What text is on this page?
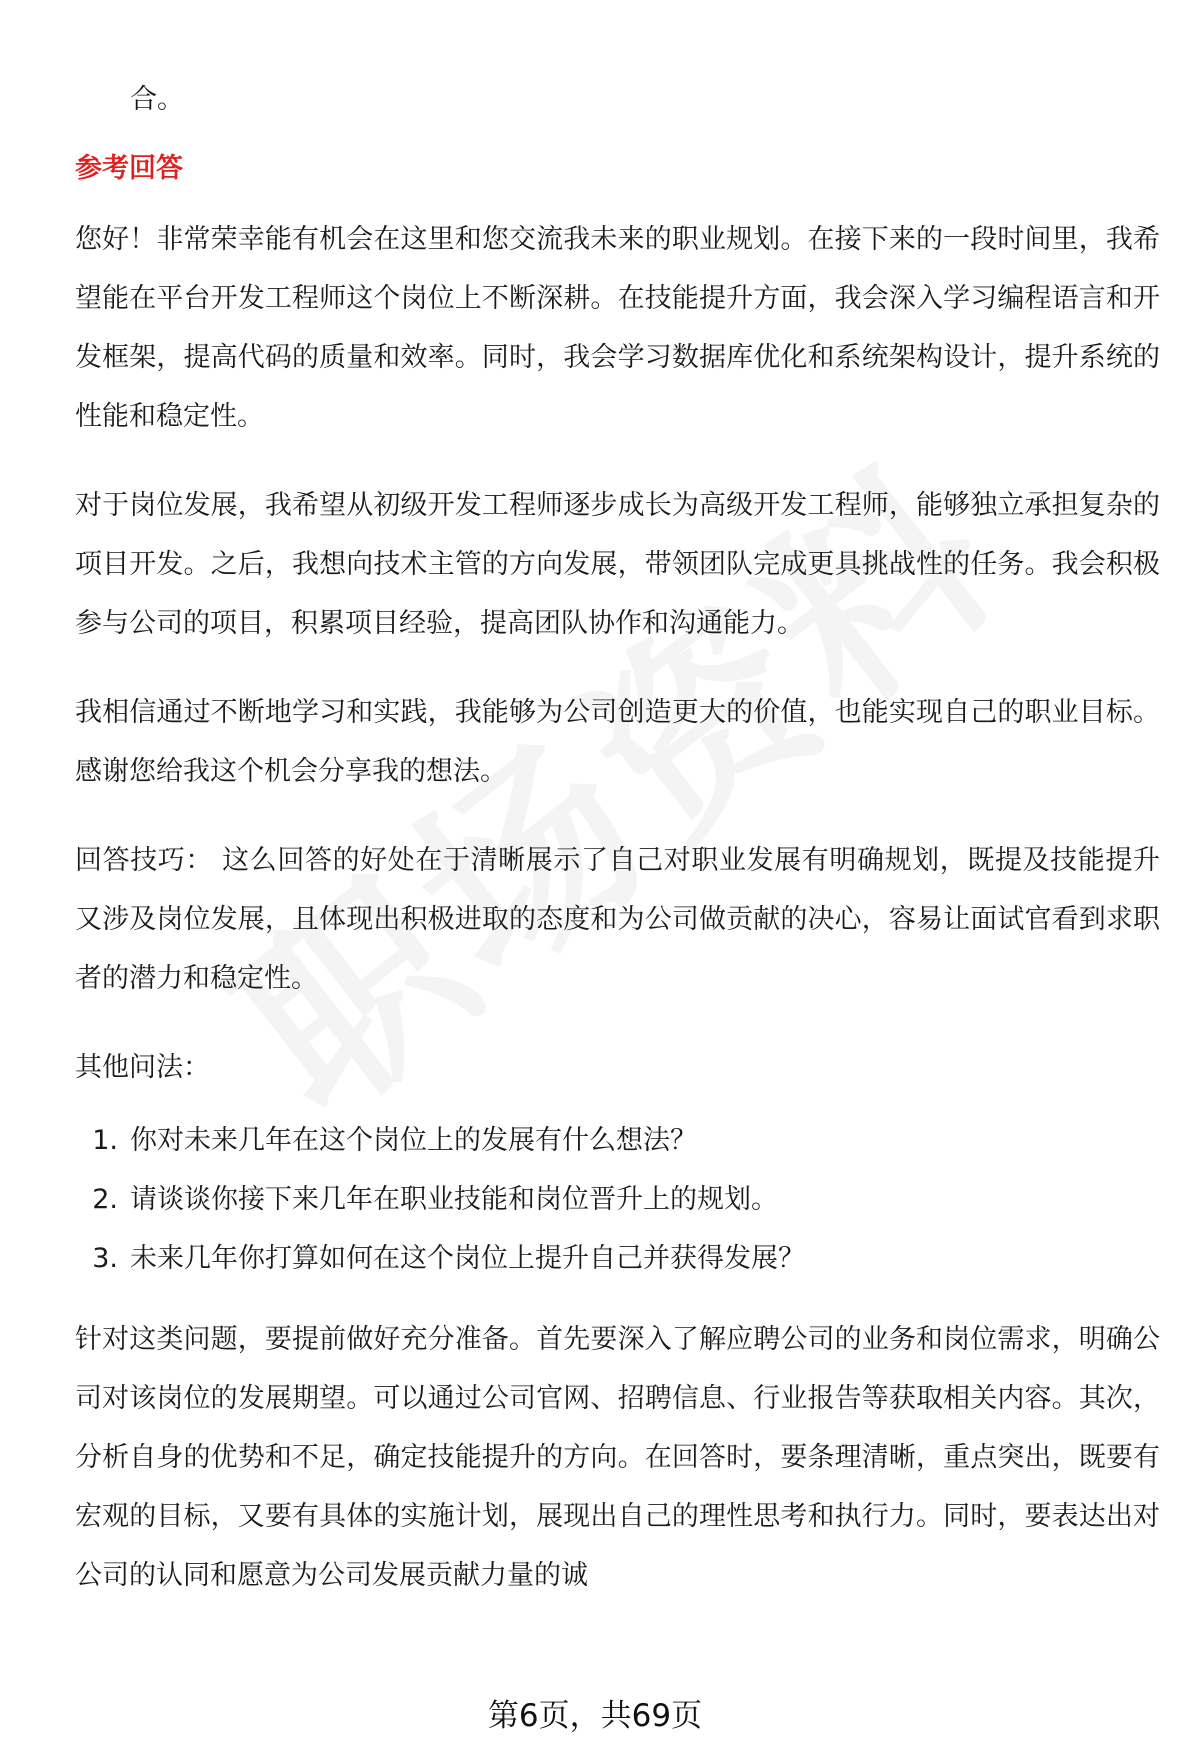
合。

参考回答

您好！非常荣幸能有机会在这里和您交流我未来的职业规划。在接下来的一段时间里，我希望能在平台开发工程师这个岗位上不断深耕。在技能提升方面，我会深入学习编程语言和开发框架，提高代码的质量和效率。同时，我会学习数据库优化和系统架构设计，提升系统的性能和稳定性。

对于岗位发展，我希望从初级开发工程师逐步成长为高级开发工程师，能够独立承担复杂的项目开发。之后，我想向技术主管的方向发展，带领团队完成更具挑战性的任务。我会积极参与公司的项目，积累项目经验，提高团队协作和沟通能力。

我相信通过不断地学习和实践，我能够为公司创造更大的价值，也能实现自己的职业目标。感谢您给我这个机会分享我的想法。

回答技巧： 这么回答的好处在于清晰展示了自己对职业发展有明确规划，既提及技能提升又涉及岗位发展，且体现出积极进取的态度和为公司做贡献的决心，容易让面试官看到求职者的潜力和稳定性。

其他问法：

1. 你对未来几年在这个岗位上的发展有什么想法？
2. 请谈谈你接下来几年在职业技能和岗位晋升上的规划。
3. 未来几年你打算如何在这个岗位上提升自己并获得发展？

针对这类问题，要提前做好充分准备。首先要深入了解应聘公司的业务和岗位需求，明确公司对该岗位的发展期望。可以通过公司官网、招聘信息、行业报告等获取相关内容。其次，分析自身的优势和不足，确定技能提升的方向。在回答时，要条理清晰，重点突出，既要有宏观的目标，又要有具体的实施计划，展现出自己的理性思考和执行力。同时，要表达出对公司的认同和愿意为公司发展贡献力量的诚

第6页，共69页
